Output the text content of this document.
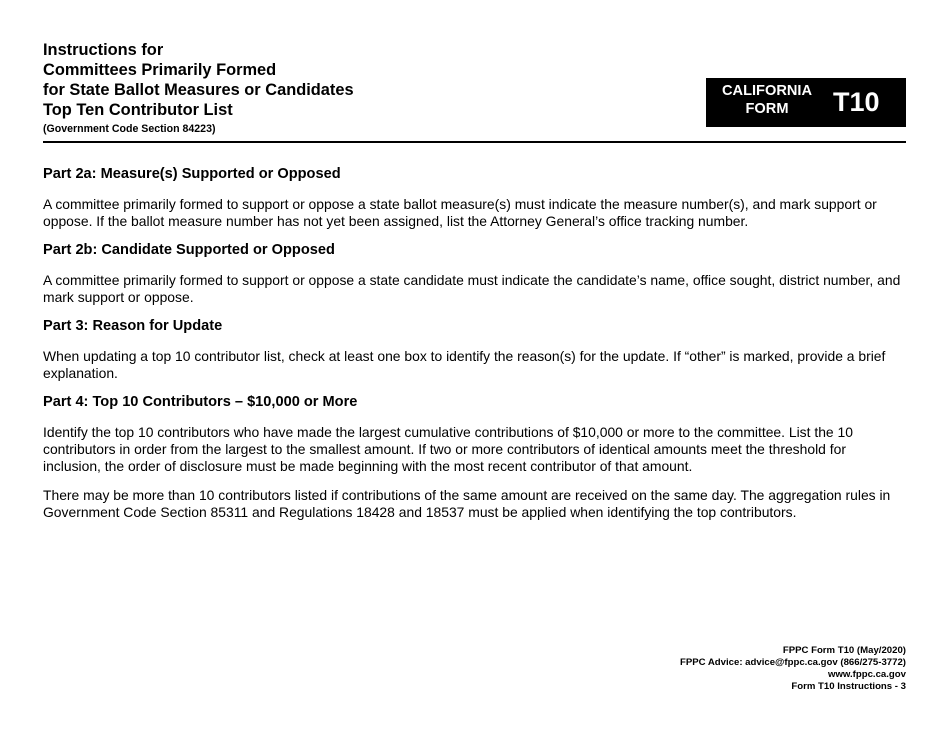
Instructions for
Committees Primarily Formed
for State Ballot Measures or Candidates
Top Ten Contributor List
(Government Code Section 84223)
CALIFORNIA
FORM	T10
Part 2a: Measure(s) Supported or Opposed

A committee primarily formed to support or oppose a state ballot measure(s) must indicate the measure number(s), and mark support or oppose. If the ballot measure number has not yet been assigned, list the Attorney General’s office tracking number.

Part 2b: Candidate Supported or Opposed

A committee primarily formed to support or oppose a state candidate must indicate the candidate’s name, office sought, district number, and mark support or oppose.

Part 3: Reason for Update

When updating a top 10 contributor list, check at least one box to identify the reason(s) for the update. If “other” is marked, provide a brief explanation.

Part 4: Top 10 Contributors – $10,000 or More

Identify the top 10 contributors who have made the largest cumulative contributions of $10,000 or more to the committee. List the 10 contributors in order from the largest to the smallest amount. If two or more contributors of identical amounts meet the threshold for inclusion, the order of disclosure must be made beginning with the most recent contributor of that amount.

There may be more than 10 contributors listed if contributions of the same amount are received on the same day. The aggregation rules in Government Code Section 85311 and Regulations 18428 and 18537 must be applied when identifying the top contributors.

FPPC Form T10 (May/2020)
FPPC Advice: advice@fppc.ca.gov (866/275-3772)
www.fppc.ca.gov
Form T10 Instructions - 3
